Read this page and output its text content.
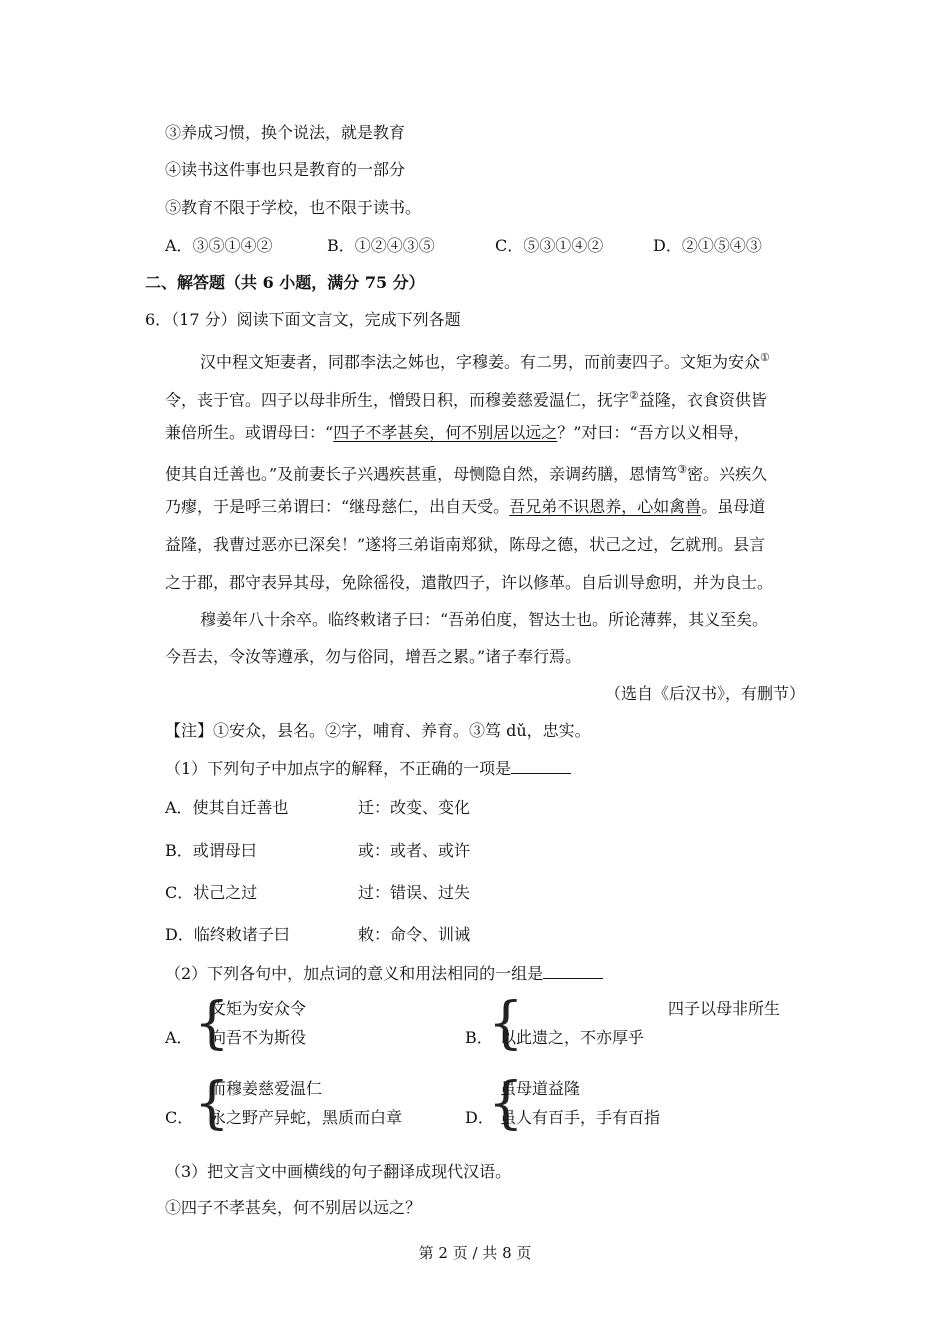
③养成习惯，换个说法，就是教育
④读书这件事也只是教育的一部分
⑤教育不限于学校，也不限于读书。
A．③⑤①④②	B．①②④③⑤	C．⑤③①④②	D．②①⑤④③
二、解答题（共 6 小题，满分 75 分）
6．（17 分）阅读下面文言文，完成下列各题
汉中程文矩妻者，同郡李法之姊也，字穆姜。有二男，而前妻四子。文矩为安众①
令，丧于官。四子以母非所生，憎毁日积，而穆姜慈爱温仁，抚字②益隆，衣食资供皆
兼倍所生。或谓母曰：“四子不孝甚矣，何不别居以远之？”对曰：“吾方以义相导，
使其自迁善也。”及前妻长子兴遇疾甚重，母恻隐自然，亲调药膳，恩情笃③密。兴疾久
乃瘳，于是呼三弟谓曰：“继母慈仁，出自天受。吾兄弟不识恩养，心如禽兽。虽母道
益隆，我曹过恶亦已深矣！”遂将三弟诣南郑狱，陈母之德，状己之过，乞就刑。县言
之于郡，郡守表异其母，免除徭役，遣散四子，许以修革。自后训导愈明，并为良士。
穆姜年八十余卒。临终敕诸子曰：“吾弟伯度，智达士也。所论薄葬，其义至矣。
今吾去，令汝等遵承，勿与俗同，增吾之累。”诸子奉行焉。
（选自《后汉书》，有删节）
【注】①安众，县名。②字，哺育、养育。③笃 dǔ，忠实。
（1）下列句子中加点字的解释，不正确的一项是
A．使其自迁善也	迁：改变、变化
B．或谓母曰	或：或者、或许
C．状己之过	过：错误、过失
D．临终敕诸子曰	敕：命令、训诫
（2）下列各句中，加点词的意义和用法相同的一组是
A． {
文矩为安众令
向吾不为斯役	B．
{	四子以母非所生
以此遗之，不亦厚乎
C． {
而穆姜慈爱温仁
永之野产异蛇，黑质而白章	D．
{
虽母道益隆
虽人有百手，手有百指
（3）把文言文中画横线的句子翻译成现代汉语。
①四子不孝甚矣，何不别居以远之？
第 2 页 / 共 8 页
